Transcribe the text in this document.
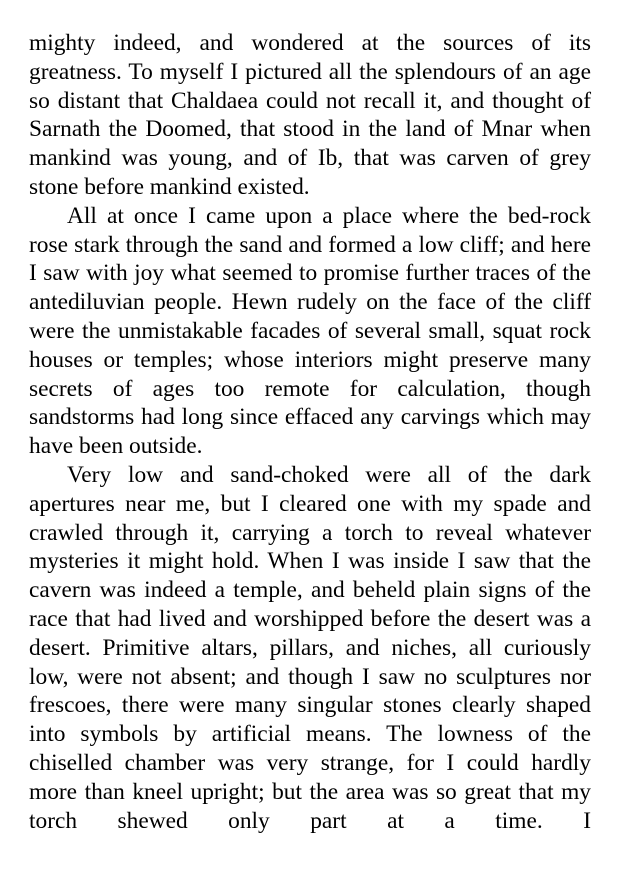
mighty indeed, and wondered at the sources of its greatness. To myself I pictured all the splendours of an age so distant that Chaldaea could not recall it, and thought of Sarnath the Doomed, that stood in the land of Mnar when mankind was young, and of Ib, that was carven of grey stone before mankind existed.

All at once I came upon a place where the bed-rock rose stark through the sand and formed a low cliff; and here I saw with joy what seemed to promise further traces of the antediluvian people. Hewn rudely on the face of the cliff were the unmistakable facades of several small, squat rock houses or temples; whose interiors might preserve many secrets of ages too remote for calculation, though sandstorms had long since effaced any carvings which may have been outside.

Very low and sand-choked were all of the dark apertures near me, but I cleared one with my spade and crawled through it, carrying a torch to reveal whatever mysteries it might hold. When I was inside I saw that the cavern was indeed a temple, and beheld plain signs of the race that had lived and worshipped before the desert was a desert. Primitive altars, pillars, and niches, all curiously low, were not absent; and though I saw no sculptures nor frescoes, there were many singular stones clearly shaped into symbols by artificial means. The lowness of the chiselled chamber was very strange, for I could hardly more than kneel upright; but the area was so great that my torch shewed only part at a time. I
